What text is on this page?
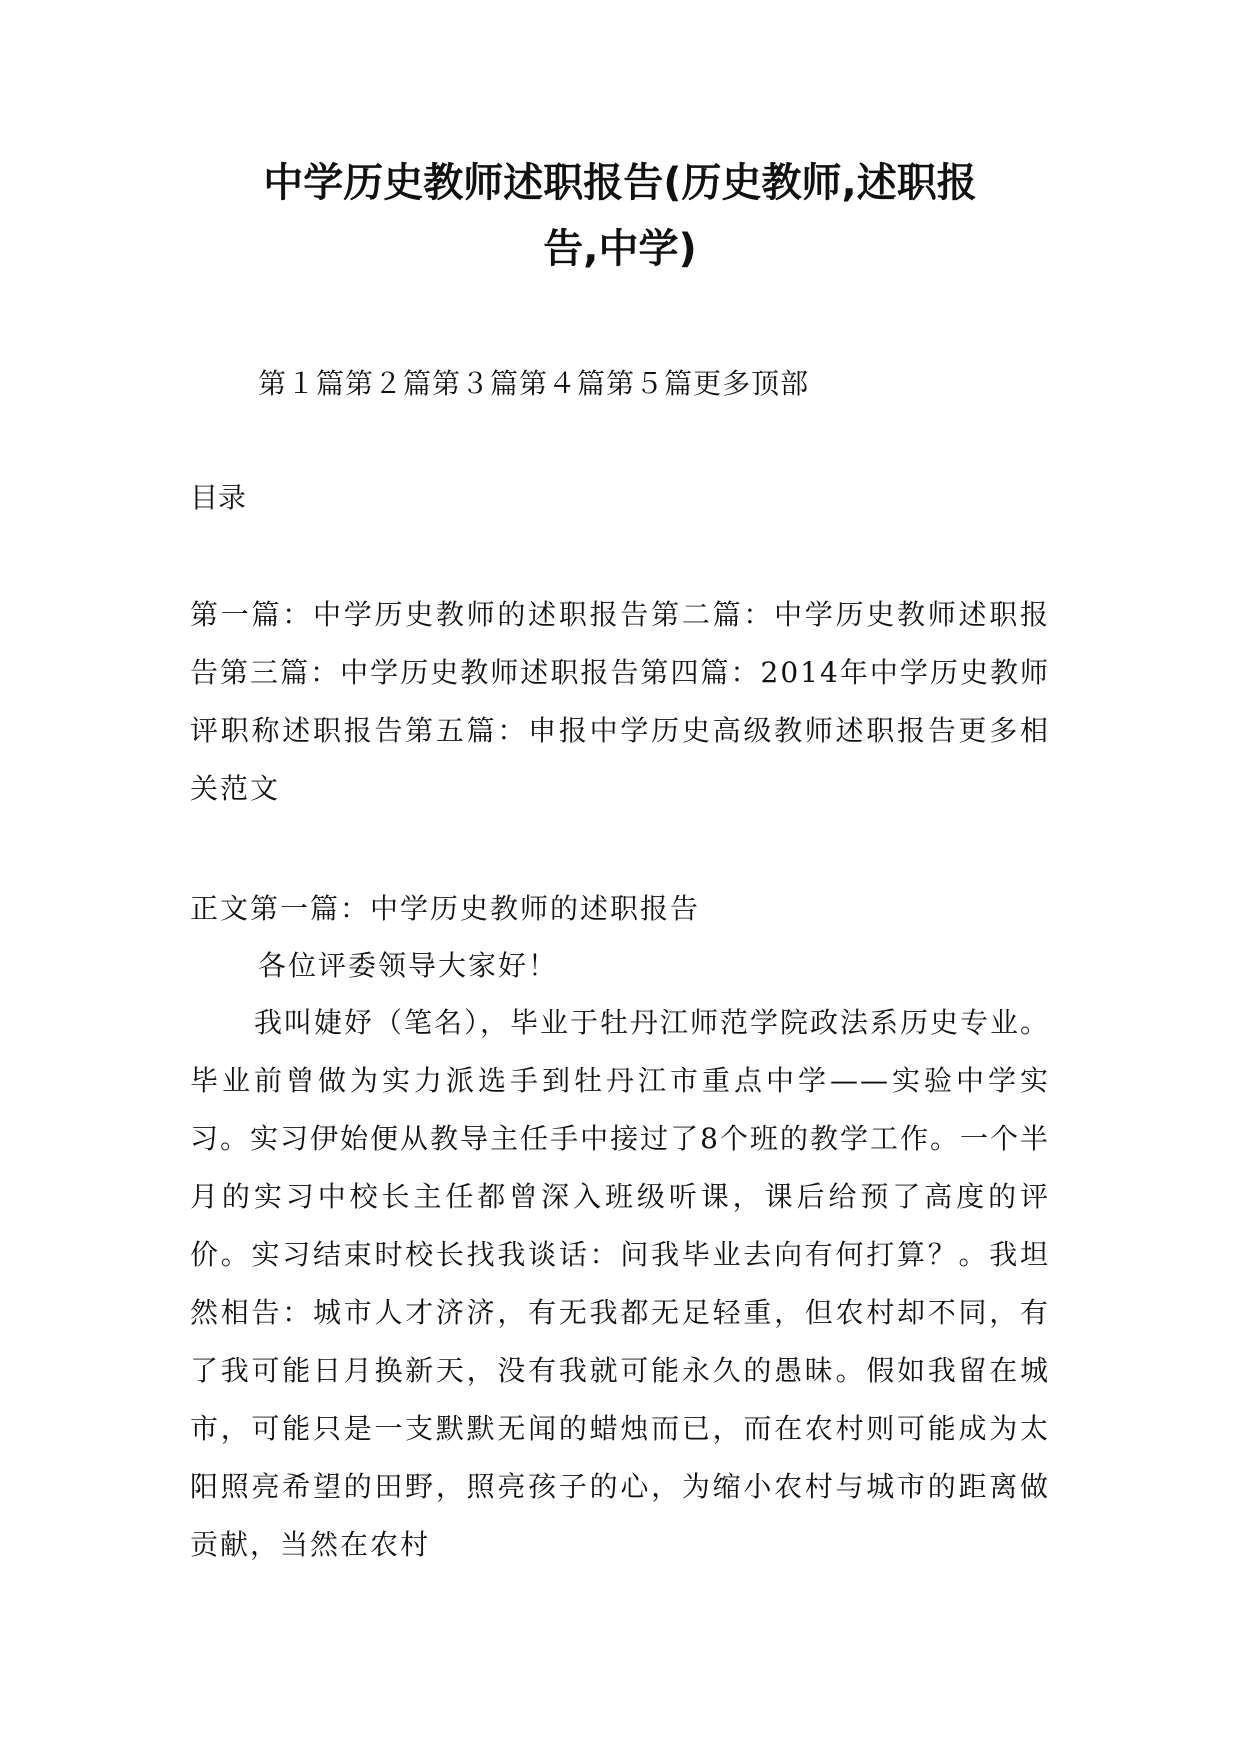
中学历史教师述职报告(历史教师,述职报
告,中学)
第１篇第２篇第３篇第４篇第５篇更多顶部
目录

第一篇：中学历史教师的述职报告第二篇：中学历史教师述职报告第三篇：中学历史教师述职报告第四篇：2014年中学历史教师评职称述职报告第五篇：申报中学历史高级教师述职报告更多相关范文

正文第一篇：中学历史教师的述职报告
各位评委领导大家好！

我叫婕妤（笔名），毕业于牡丹江师范学院政法系历史专业。毕业前曾做为实力派选手到牡丹江市重点中学——实验中学实习。实习伊始便从教导主任手中接过了8个班的教学工作。一个半月的实习中校长主任都曾深入班级听课，课后给预了高度的评价。实习结束时校长找我谈话：问我毕业去向有何打算？。我坦然相告：城市人才济济，有无我都无足轻重，但农村却不同，有了我可能日月换新天，没有我就可能永久的愚昧。假如我留在城市，可能只是一支默默无闻的蜡烛而已，而在农村则可能成为太阳照亮希望的田野，照亮孩子的心，为缩小农村与城市的距离做贡献，当然在农村
